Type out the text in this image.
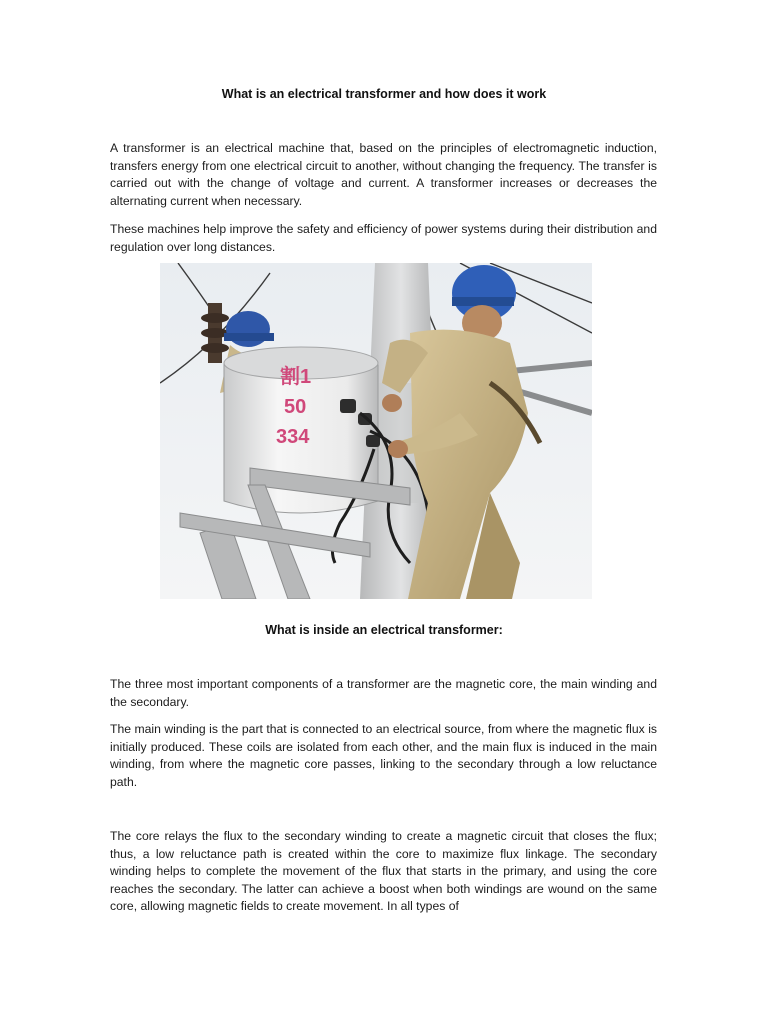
What is an electrical transformer and how does it work

A transformer is an electrical machine that, based on the principles of electromagnetic induction, transfers energy from one electrical circuit to another, without changing the frequency. The transfer is carried out with the change of voltage and current. A transformer increases or decreases the alternating current when necessary.

These machines help improve the safety and efficiency of power systems during their distribution and regulation over long distances.

割1
50
334
What is inside an electrical transformer:

The three most important components of a transformer are the magnetic core, the main winding and the secondary.

The main winding is the part that is connected to an electrical source, from where the magnetic flux is initially produced. These coils are isolated from each other, and the main flux is induced in the main winding, from where the magnetic core passes, linking to the secondary through a low reluctance path.

The core relays the flux to the secondary winding to create a magnetic circuit that closes the flux; thus, a low reluctance path is created within the core to maximize flux linkage. The secondary winding helps to complete the movement of the flux that starts in the primary, and using the core reaches the secondary. The latter can achieve a boost when both windings are wound on the same core, allowing magnetic fields to create movement. In all types of
